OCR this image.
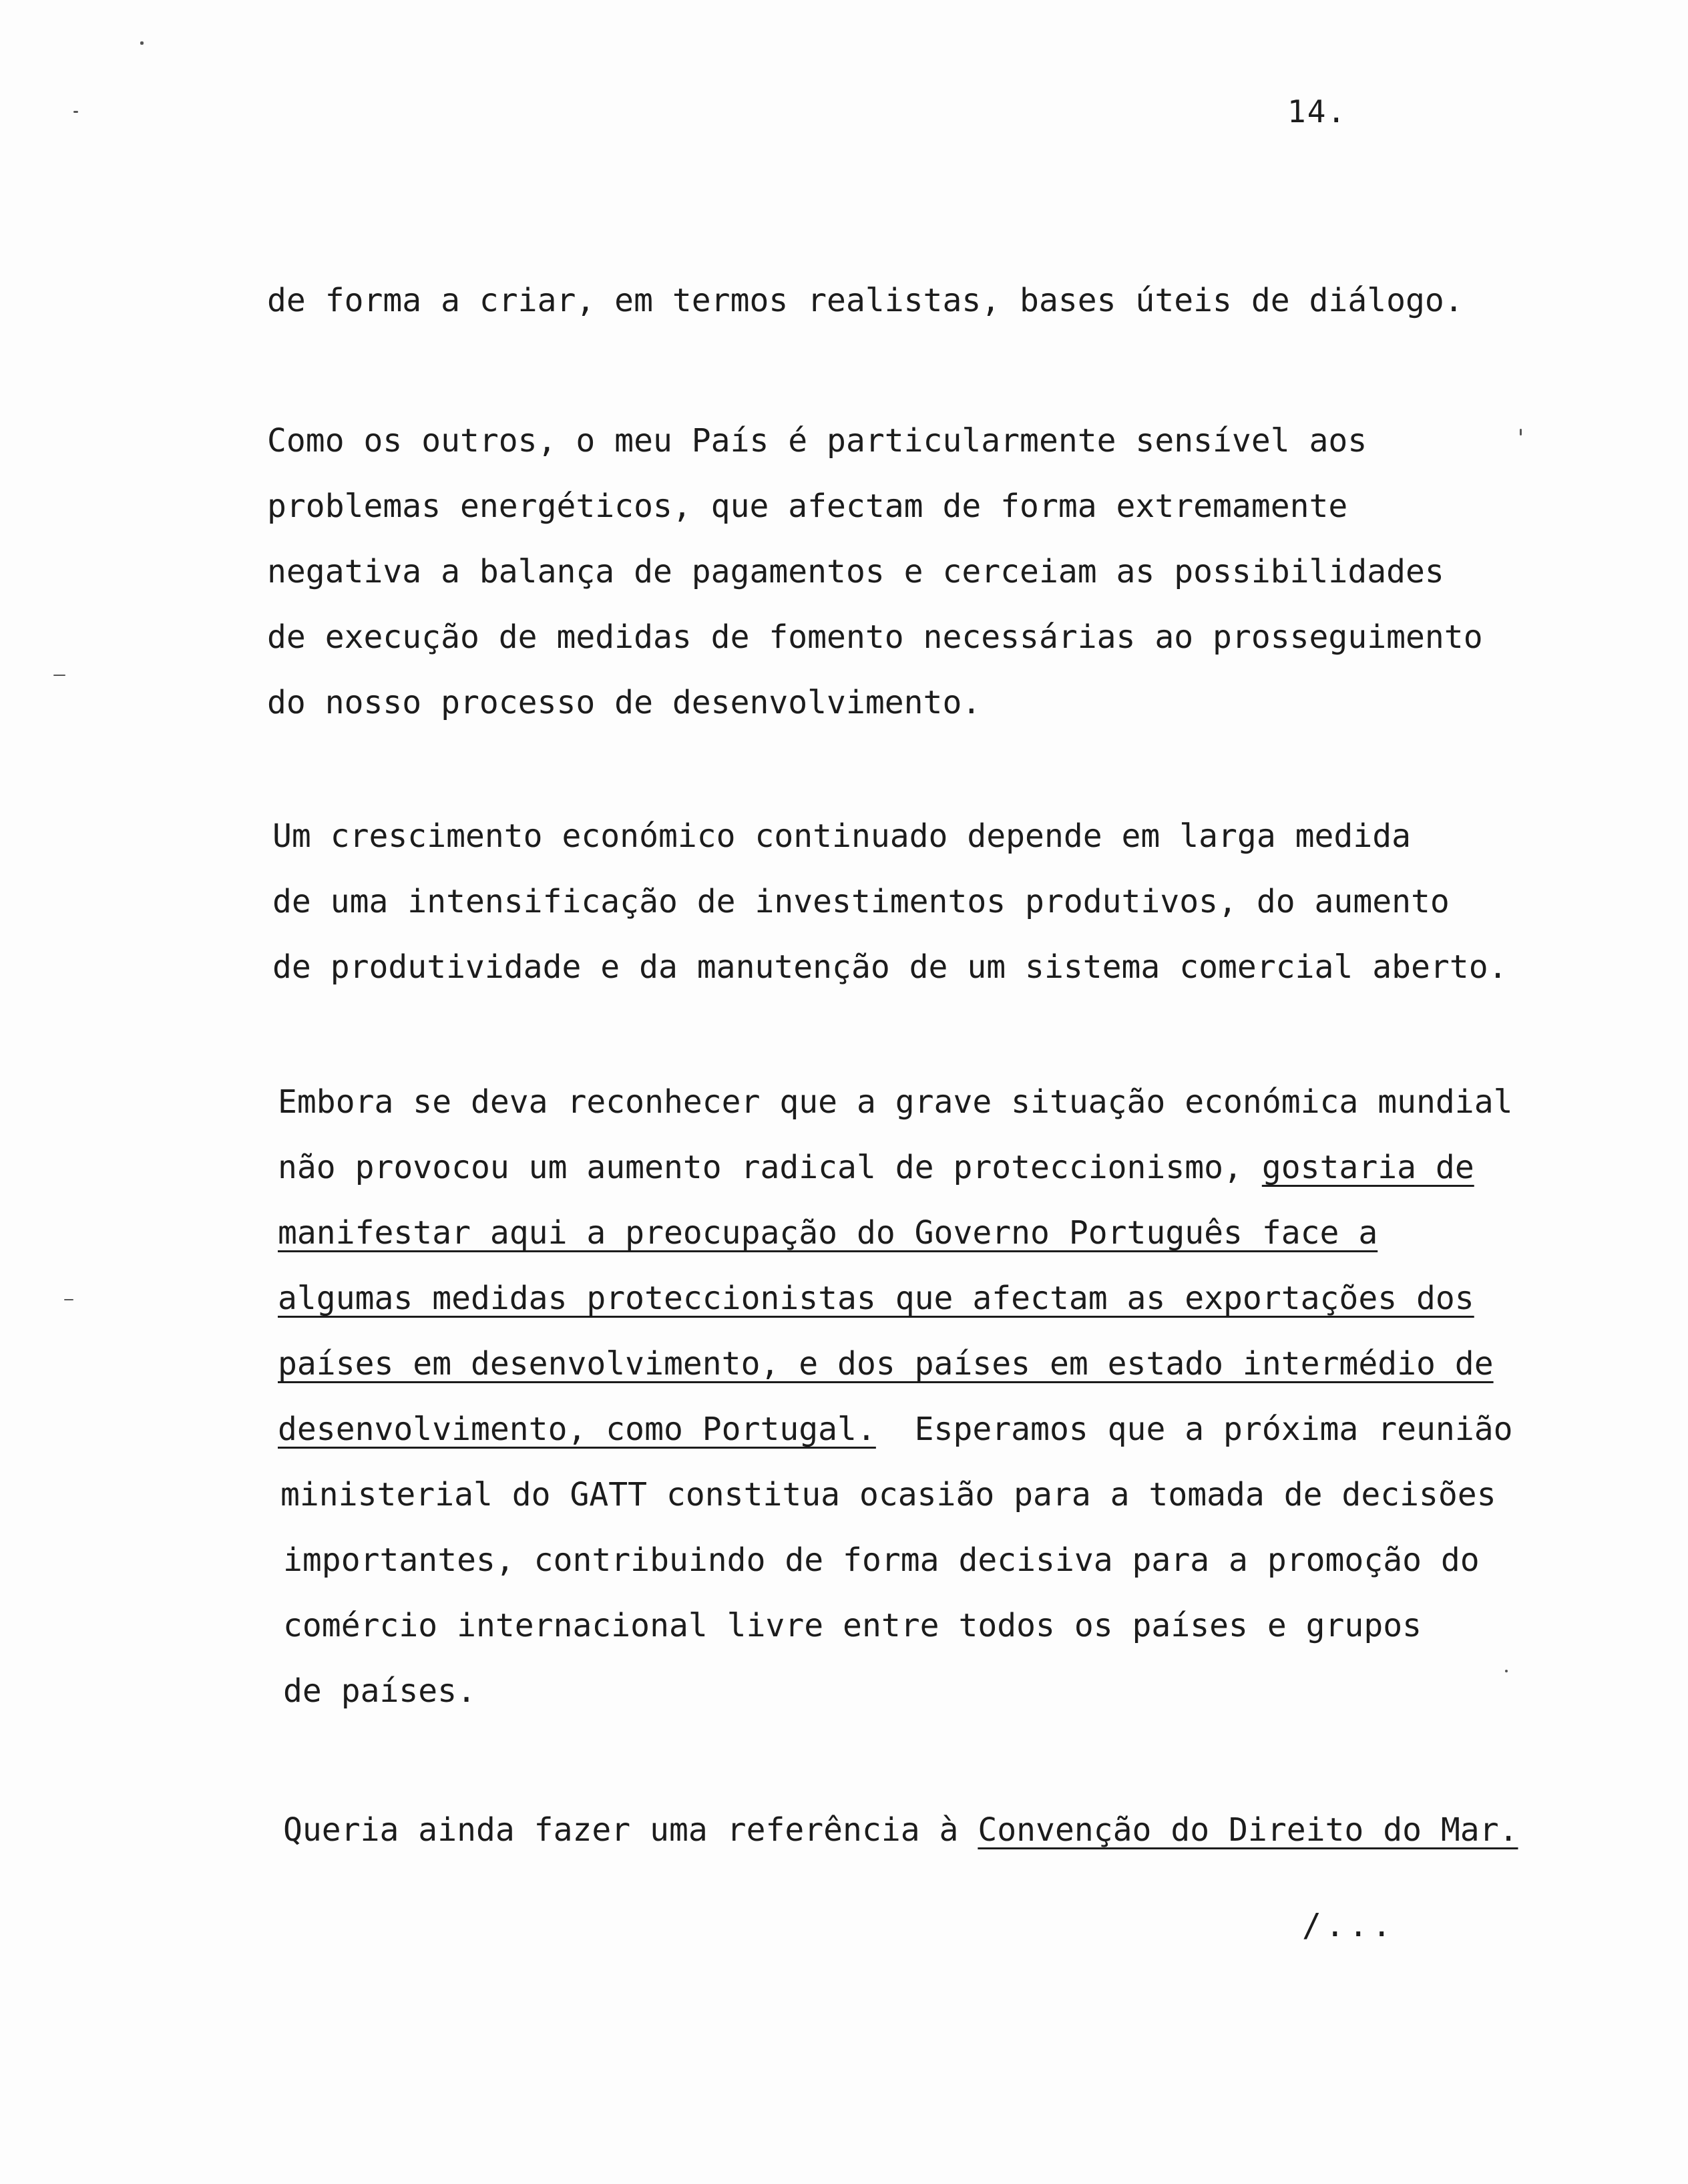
14.
de forma a criar, em termos realistas, bases úteis de diálogo.
Como os outros, o meu País é particularmente sensível aos
problemas energéticos, que afectam de forma extremamente
negativa a balança de pagamentos e cerceiam as possibilidades
de execução de medidas de fomento necessárias ao prosseguimento
do nosso processo de desenvolvimento.
Um crescimento económico continuado depende em larga medida
de uma intensificação de investimentos produtivos, do aumento
de produtividade e da manutenção de um sistema comercial aberto.
Embora se deva reconhecer que a grave situação económica mundial
não provocou um aumento radical de proteccionismo, gostaria de
manifestar aqui a preocupação do Governo Português face a
algumas medidas proteccionistas que afectam as exportações dos
países em desenvolvimento, e dos países em estado intermédio de
desenvolvimento, como Portugal.  Esperamos que a próxima reunião
ministerial do GATT constitua ocasião para a tomada de decisões
importantes, contribuindo de forma decisiva para a promoção do
comércio internacional livre entre todos os países e grupos
de países.
Queria ainda fazer uma referência à Convenção do Direito do Mar.
/...
